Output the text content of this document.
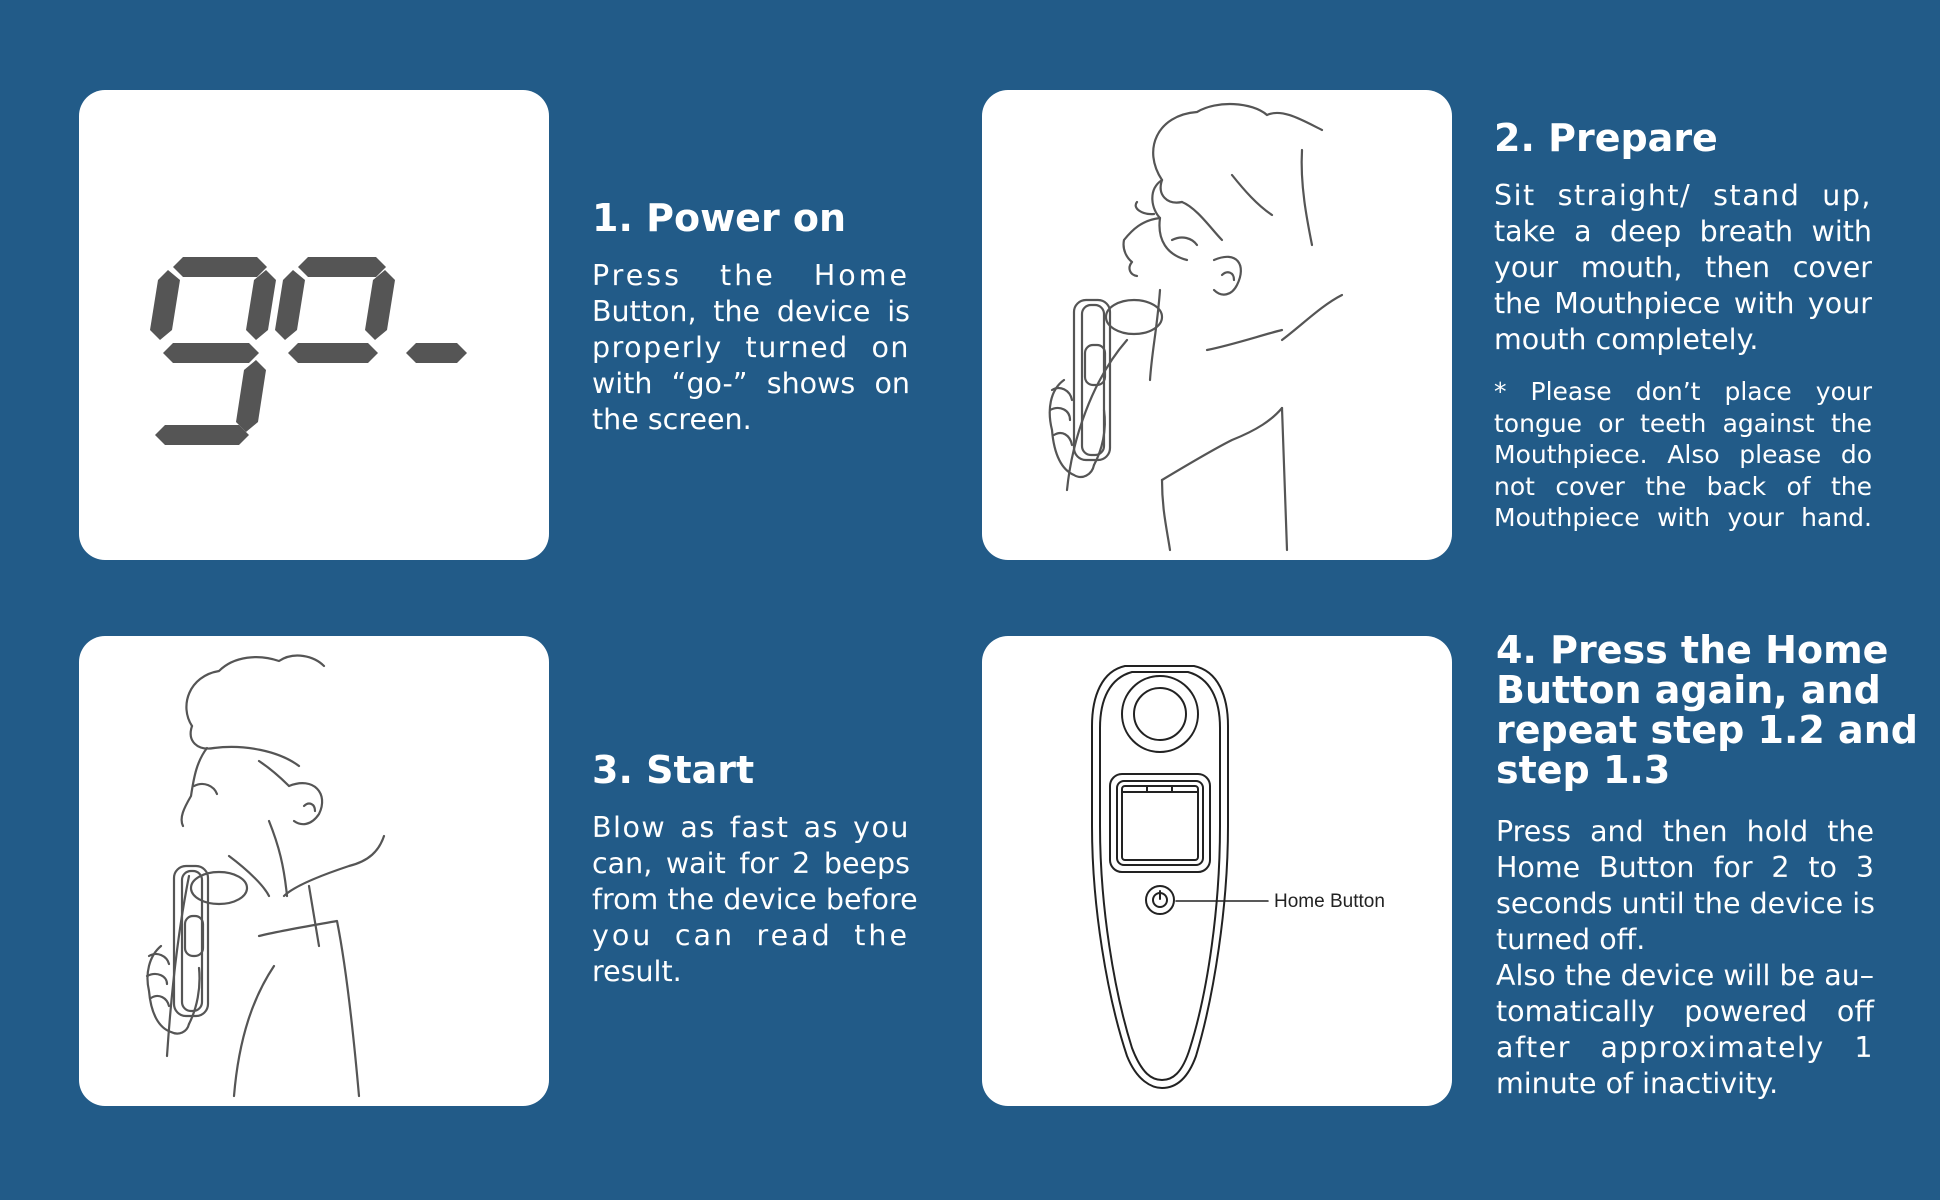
1. Power on

Press the Home
Button, the device is
properly turned on
with “go-” shows on
the screen.

2. Prepare

Sit straight/ stand up,
take a deep breath with
your mouth, then cover
the Mouthpiece with your
mouth completely.

* Please don’t place your
tongue or teeth against the
Mouthpiece. Also please do
not cover the back of the
Mouthpiece with your hand.

3. Start

Blow as fast as you
can, wait for 2 beeps
from the device before
you can read the
result.

Home Button
4. Press the Home
Button again, and
repeat step 1.2 and
step 1.3

Press and then hold the
Home Button for 2 to 3
seconds until the device is
turned off.
Also the device will be au–
tomatically powered off
after approximately 1
minute of inactivity.
